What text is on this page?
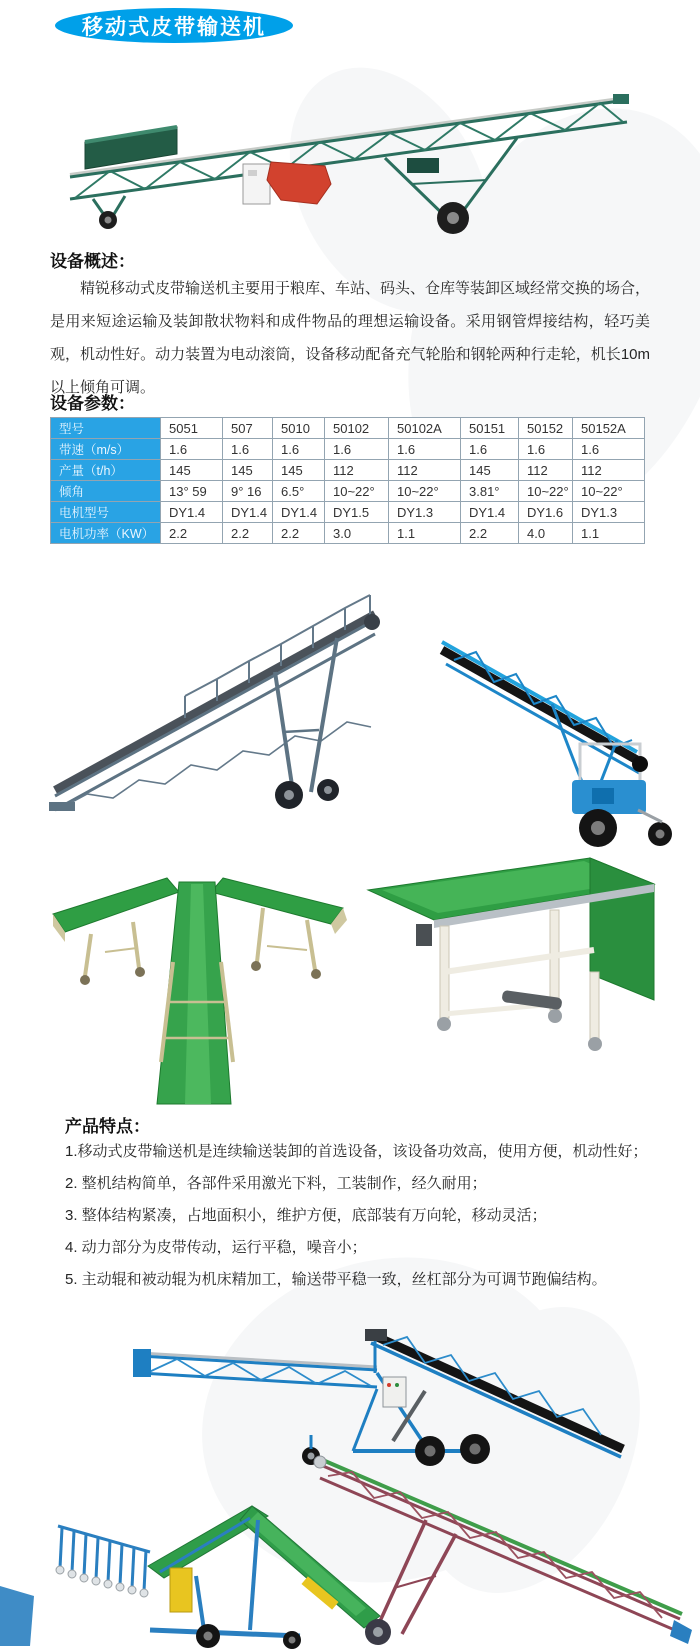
移动式皮带输送机
设备概述：
精锐移动式皮带输送机主要用于粮库、车站、码头、仓库等装卸区域经常交换的场合，是用来短途运输及装卸散状物料和成件物品的理想运输设备。采用钢管焊接结构，轻巧美观，机动性好。动力装置为电动滚筒，设备移动配备充气轮胎和钢轮两种行走轮，机长10m以上倾角可调。
设备参数：
型号	5051	507	5010	50102	50102A	50151	50152	50152A
带速（m/s）	1.6	1.6	1.6	1.6	1.6	1.6	1.6	1.6
产量（t/h）	145	145	145	112	112	145	112	112
倾角	13° 59	9° 16	6.5°	10~22°	10~22°	3.81°	10~22°	10~22°
电机型号	DY1.4	DY1.4	DY1.4	DY1.5	DY1.3	DY1.4	DY1.6	DY1.3
电机功率（KW）	2.2	2.2	2.2	3.0	1.1	2.2	4.0	1.1
产品特点：
1.移动式皮带输送机是连续输送装卸的首选设备，该设备功效高，使用方便，机动性好；
2. 整机结构简单，各部件采用激光下料，工装制作，经久耐用；
3. 整体结构紧凑，占地面积小，维护方便，底部装有万向轮，移动灵活；
4. 动力部分为皮带传动，运行平稳，噪音小；
5. 主动辊和被动辊为机床精加工，输送带平稳一致，丝杠部分为可调节跑偏结构。
